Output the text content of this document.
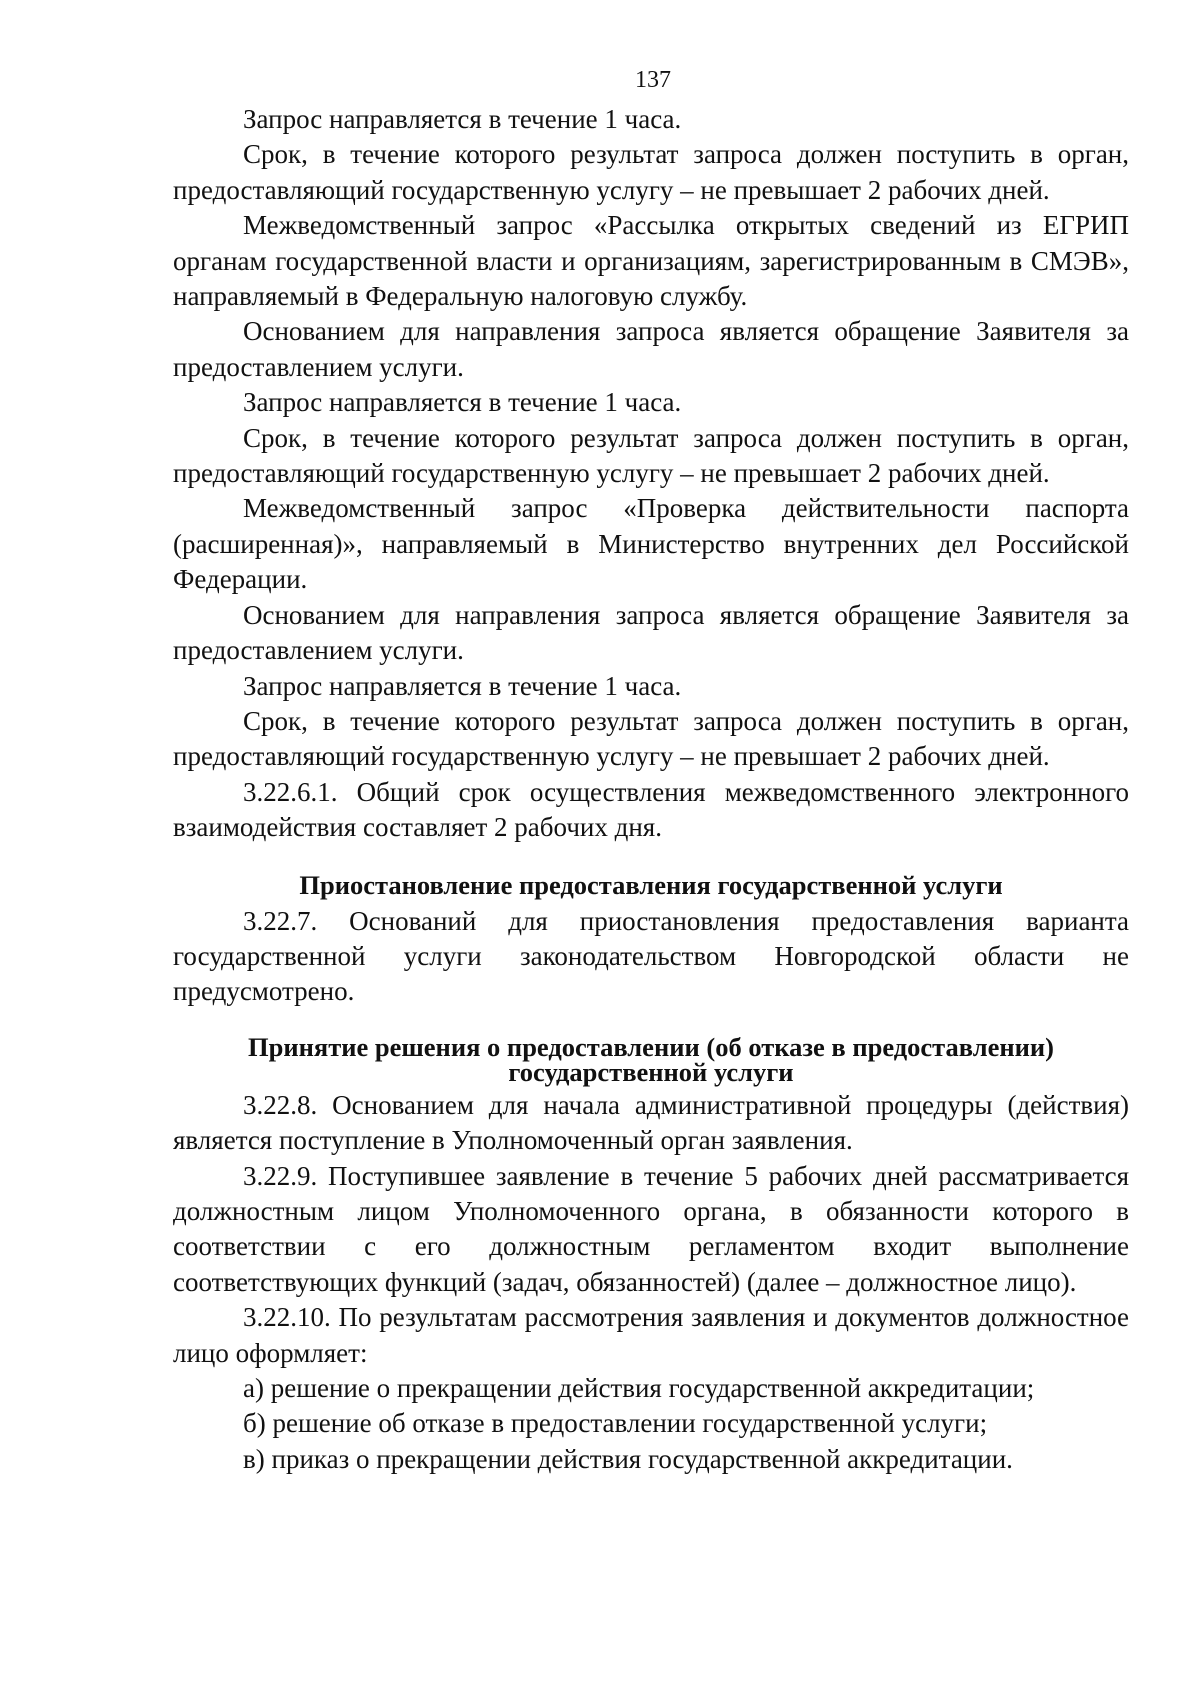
137

Запрос направляется в течение 1 часа.

Срок, в течение которого результат запроса должен поступить в орган, предоставляющий государственную услугу – не превышает 2 рабочих дней.

Межведомственный запрос «Рассылка открытых сведений из ЕГРИП органам государственной власти и организациям, зарегистрированным в СМЭВ», направляемый в Федеральную налоговую службу.

Основанием для направления запроса является обращение Заявителя за предоставлением услуги.

Запрос направляется в течение 1 часа.

Срок, в течение которого результат запроса должен поступить в орган, предоставляющий государственную услугу – не превышает 2 рабочих дней.

Межведомственный запрос «Проверка действительности паспорта (расширенная)», направляемый в Министерство внутренних дел Российской Федерации.

Основанием для направления запроса является обращение Заявителя за предоставлением услуги.

Запрос направляется в течение 1 часа.

Срок, в течение которого результат запроса должен поступить в орган, предоставляющий государственную услугу – не превышает 2 рабочих дней.

3.22.6.1. Общий срок осуществления межведомственного электронного взаимодействия составляет 2 рабочих дня.

Приостановление предоставления государственной услуги

3.22.7. Оснований для приостановления предоставления варианта государственной услуги законодательством Новгородской области не предусмотрено.

Принятие решения о предоставлении (об отказе в предоставлении)
государственной услуги

3.22.8. Основанием для начала административной процедуры (действия) является поступление в Уполномоченный орган заявления.

3.22.9. Поступившее заявление в течение 5 рабочих дней рассматривается должностным лицом Уполномоченного органа, в обязанности которого в соответствии с его должностным регламентом входит выполнение соответствующих функций (задач, обязанностей) (далее – должностное лицо).

3.22.10. По результатам рассмотрения заявления и документов должностное лицо оформляет:

а) решение о прекращении действия государственной аккредитации;

б) решение об отказе в предоставлении государственной услуги;

в) приказ о прекращении действия государственной аккредитации.
